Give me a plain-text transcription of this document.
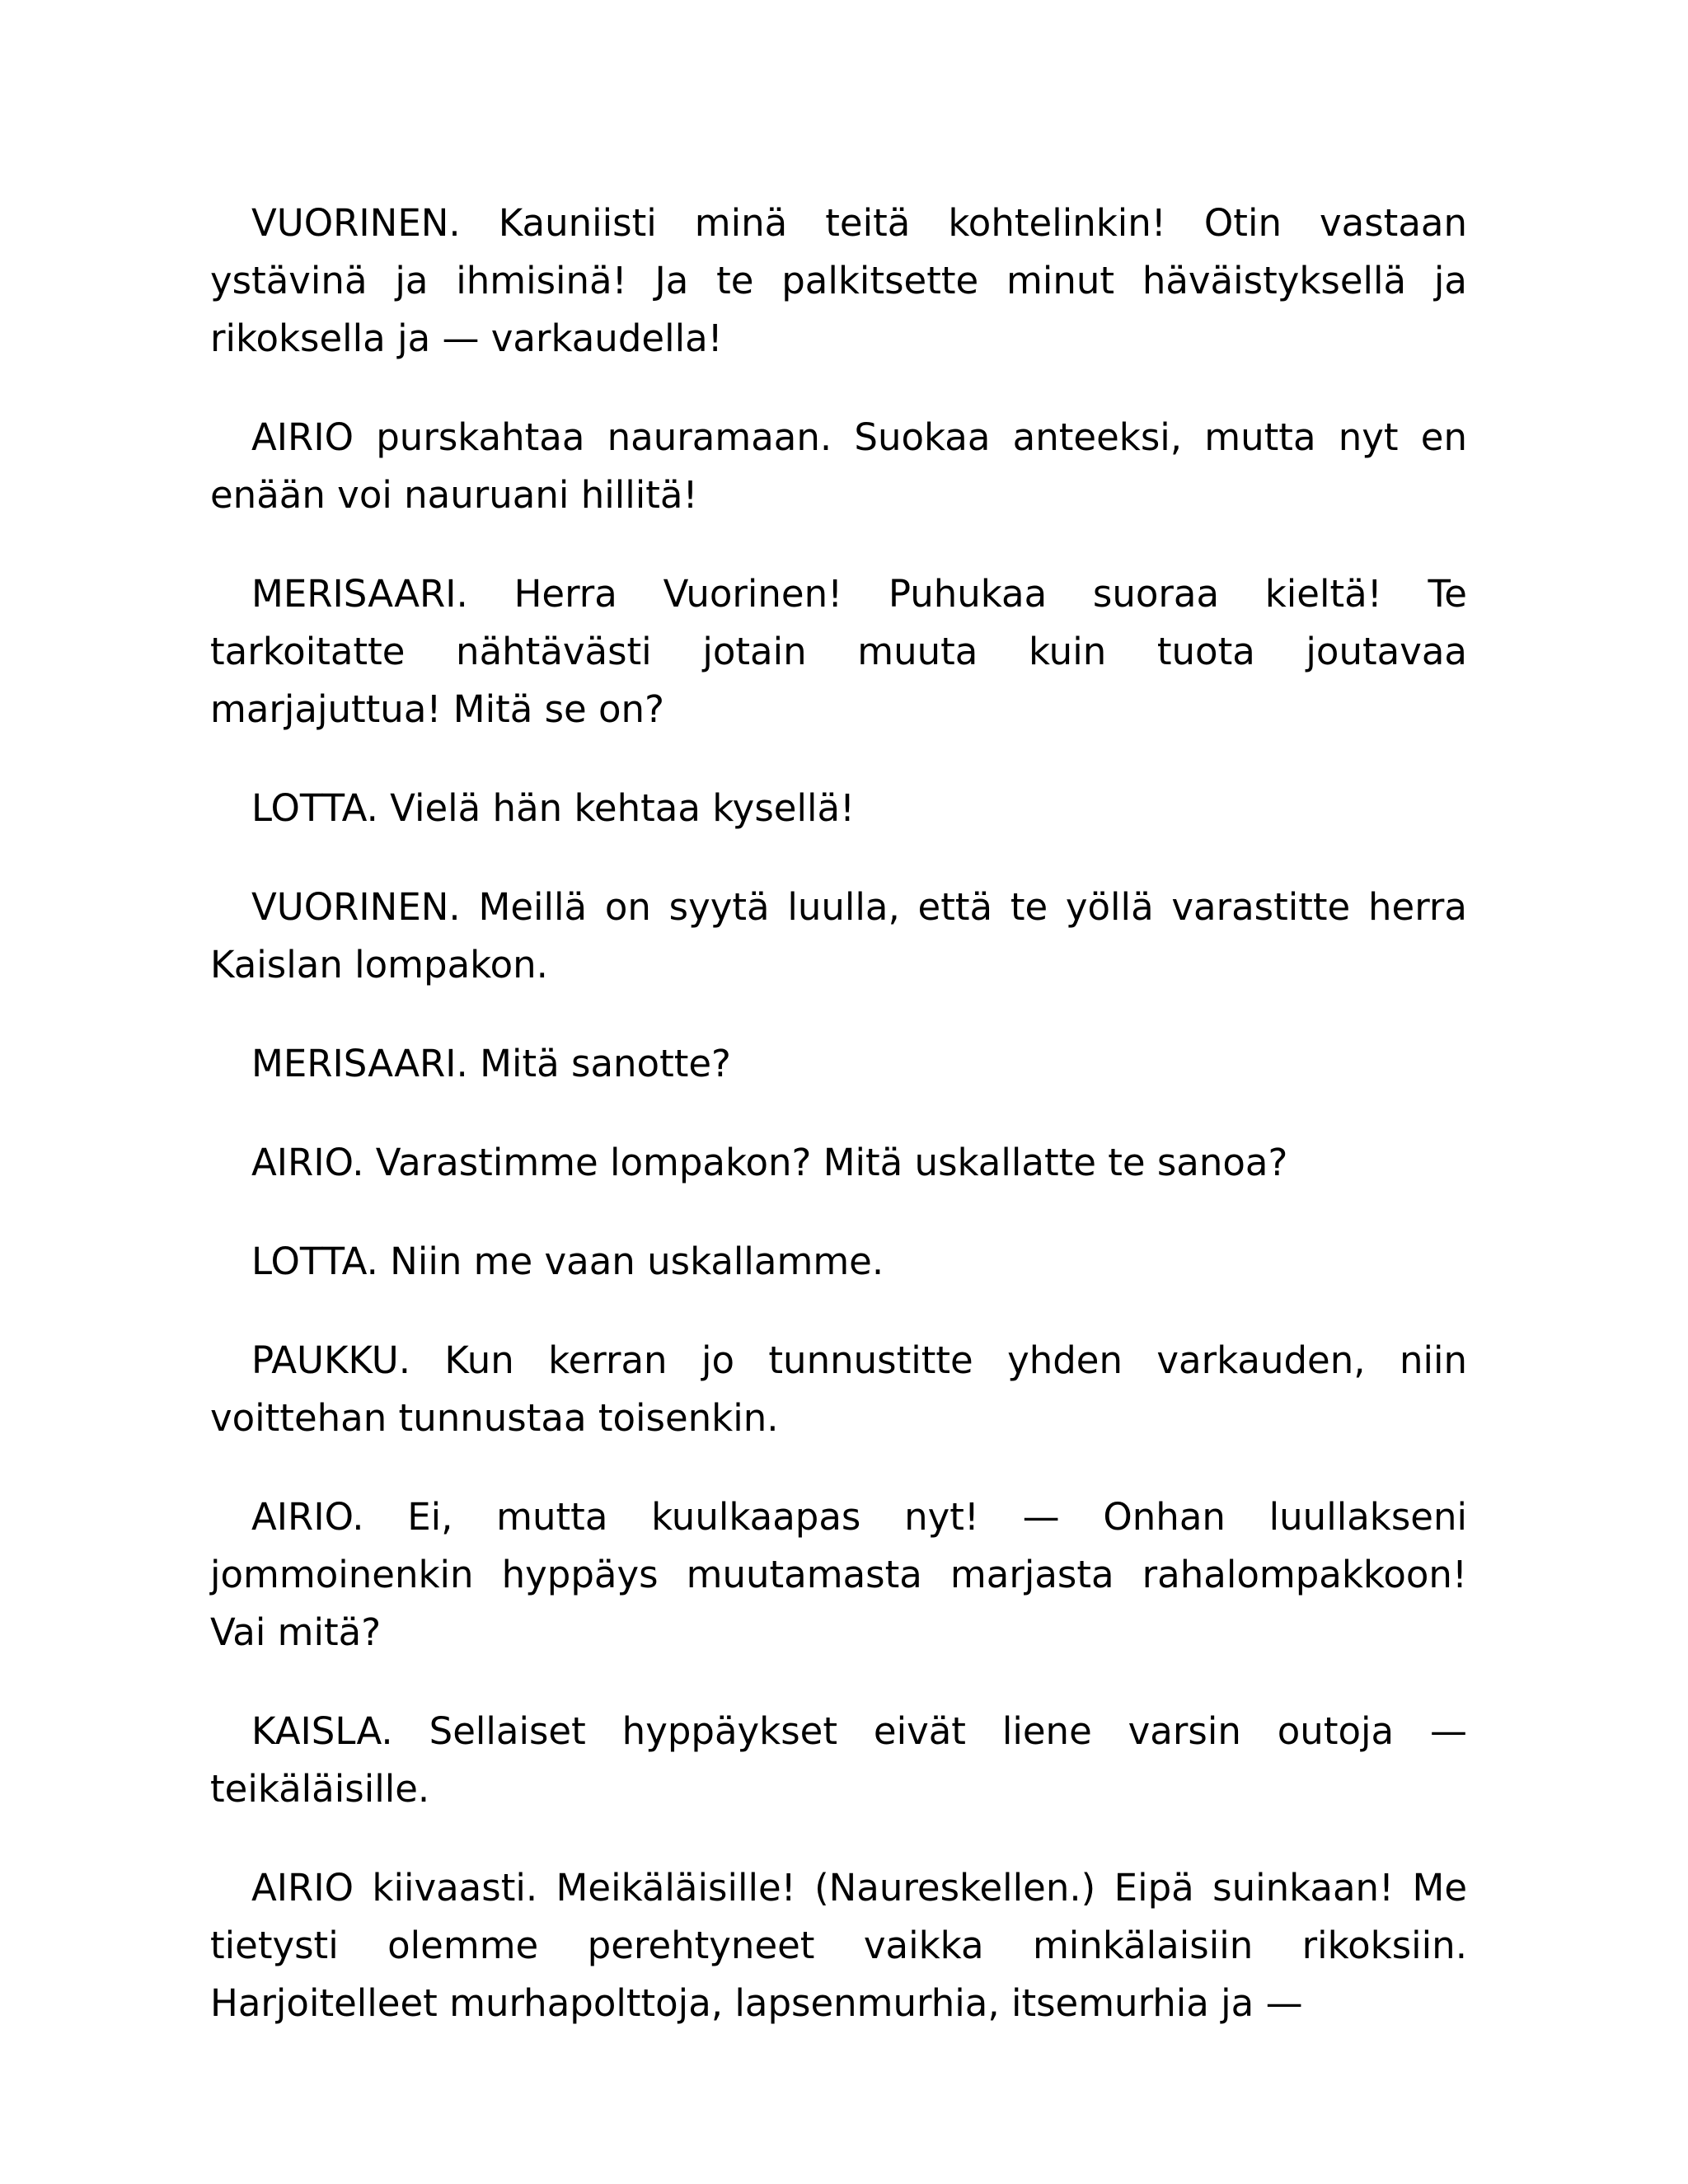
VUORINEN. Kauniisti minä teitä kohtelinkin! Otin vastaan ystävinä ja ihmisinä! Ja te palkitsette minut häväistyksellä ja rikoksella ja — varkaudella!

AIRIO purskahtaa nauramaan. Suokaa anteeksi, mutta nyt en enään voi nauruani hillitä!

MERISAARI. Herra Vuorinen! Puhukaa suoraa kieltä! Te tarkoitatte nähtävästi jotain muuta kuin tuota joutavaa marjajuttua! Mitä se on?

LOTTA. Vielä hän kehtaa kysellä!

VUORINEN. Meillä on syytä luulla, että te yöllä varastitte herra Kaislan lompakon.

MERISAARI. Mitä sanotte?

AIRIO. Varastimme lompakon? Mitä uskallatte te sanoa?

LOTTA. Niin me vaan uskallamme.

PAUKKU. Kun kerran jo tunnustitte yhden varkauden, niin voittehan tunnustaa toisenkin.

AIRIO. Ei, mutta kuulkaapas nyt! — Onhan luullakseni jommoinenkin hyppäys muutamasta marjasta rahalompakkoon! Vai mitä?

KAISLA. Sellaiset hyppäykset eivät liene varsin outoja — teikäläisille.

AIRIO kiivaasti. Meikäläisille! (Naureskellen.) Eipä suinkaan! Me tietysti olemme perehtyneet vaikka minkälaisiin rikoksiin. Harjoitelleet murhapolttoja, lapsenmurhia, itsemurhia ja —
